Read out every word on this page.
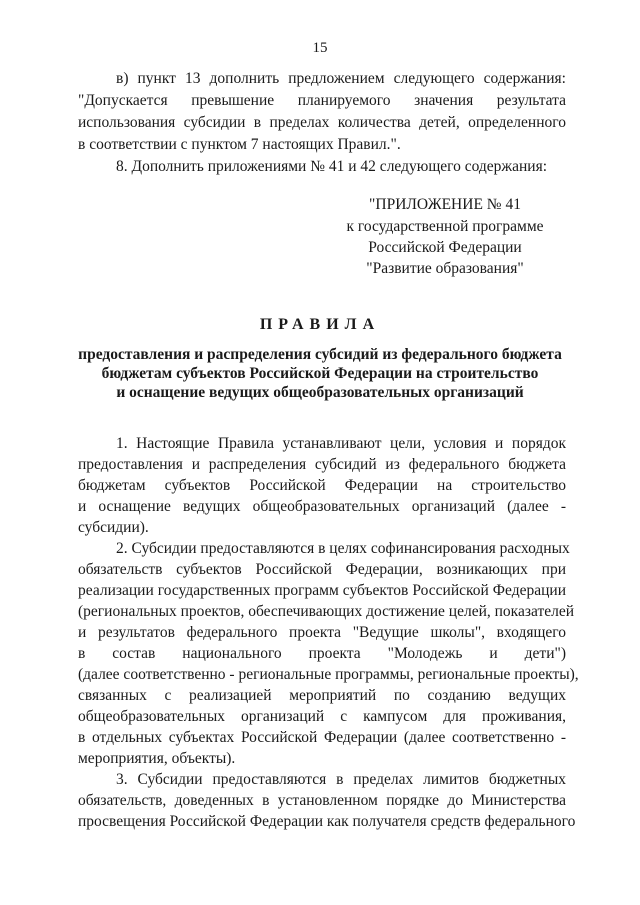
15
в) пункт 13 дополнить предложением следующего содержания:
"Допускается превышение планируемого значения результата
использования субсидии в пределах количества детей, определенного
в соответствии с пунктом 7 настоящих Правил.".
8. Дополнить приложениями № 41 и 42 следующего содержания:
"ПРИЛОЖЕНИЕ № 41
к государственной программе
Российской Федерации
"Развитие образования"
ПРАВИЛА
предоставления и распределения субсидий из федерального бюджета
бюджетам субъектов Российской Федерации на строительство
и оснащение ведущих общеобразовательных организаций
1. Настоящие Правила устанавливают цели, условия и порядок
предоставления и распределения субсидий из федерального бюджета
бюджетам субъектов Российской Федерации на строительство
и оснащение ведущих общеобразовательных организаций (далее -
субсидии).
2. Субсидии предоставляются в целях софинансирования расходных
обязательств субъектов Российской Федерации, возникающих при
реализации государственных программ субъектов Российской Федерации
(региональных проектов, обеспечивающих достижение целей, показателей
и результатов федерального проекта "Ведущие школы", входящего
в состав национального проекта "Молодежь и дети")
(далее соответственно - региональные программы, региональные проекты),
связанных с реализацией мероприятий по созданию ведущих
общеобразовательных организаций с кампусом для проживания,
в отдельных субъектах Российской Федерации (далее соответственно -
мероприятия, объекты).
3. Субсидии предоставляются в пределах лимитов бюджетных
обязательств, доведенных в установленном порядке до Министерства
просвещения Российской Федерации как получателя средств федерального
